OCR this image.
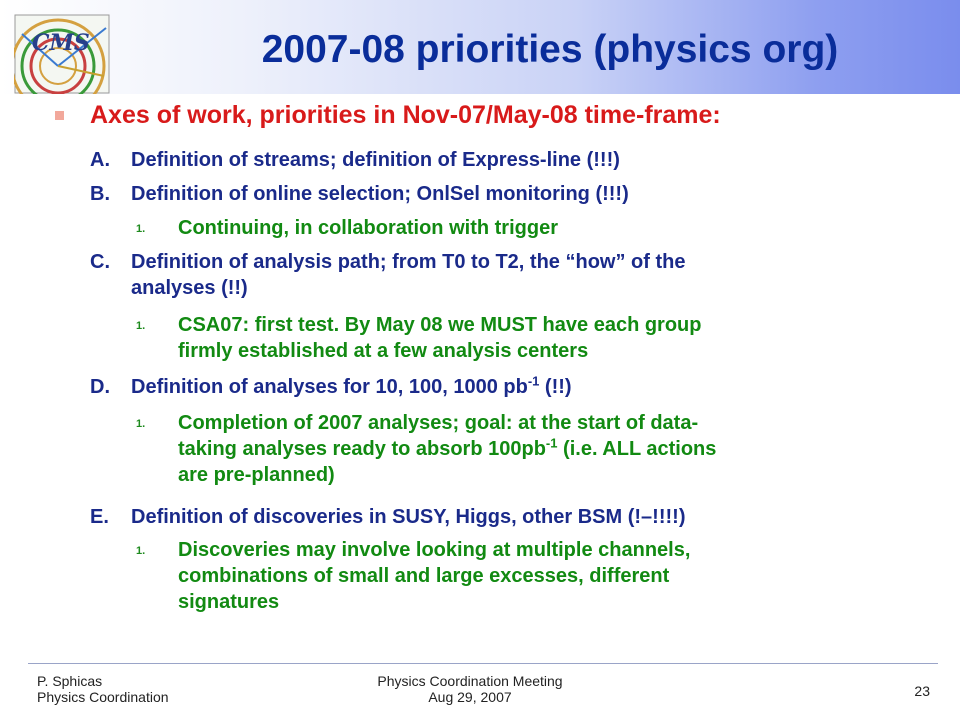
CMS	2007-08 priorities (physics org)
Axes of work, priorities in Nov-07/May-08 time-frame:
A.	Definition of streams; definition of Express-line (!!!)
B.	Definition of online selection; OnlSel monitoring (!!!)
1. Continuing, in collaboration with trigger
C.	Definition of analysis path; from T0 to T2, the “how” of the
analyses (!!)
1. CSA07: first test. By May 08 we MUST have each group
firmly established at a few analysis centers
D.	Definition of analyses for 10, 100, 1000 $pb^{-1}$ (!!)
1. Completion of 2007 analyses; goal: at the start of data-
taking analyses ready to absorb $100pb^{-1}$ (i.e. ALL actions
are pre-planned)
E.	Definition of discoveries in SUSY, Higgs, other BSM (!–!!!!)
1. Discoveries may involve looking at multiple channels,
combinations of small and large excesses, different
signatures
P. Sphicas
Physics Coordination
Physics Coordination Meeting
Aug 29, 2007	23
